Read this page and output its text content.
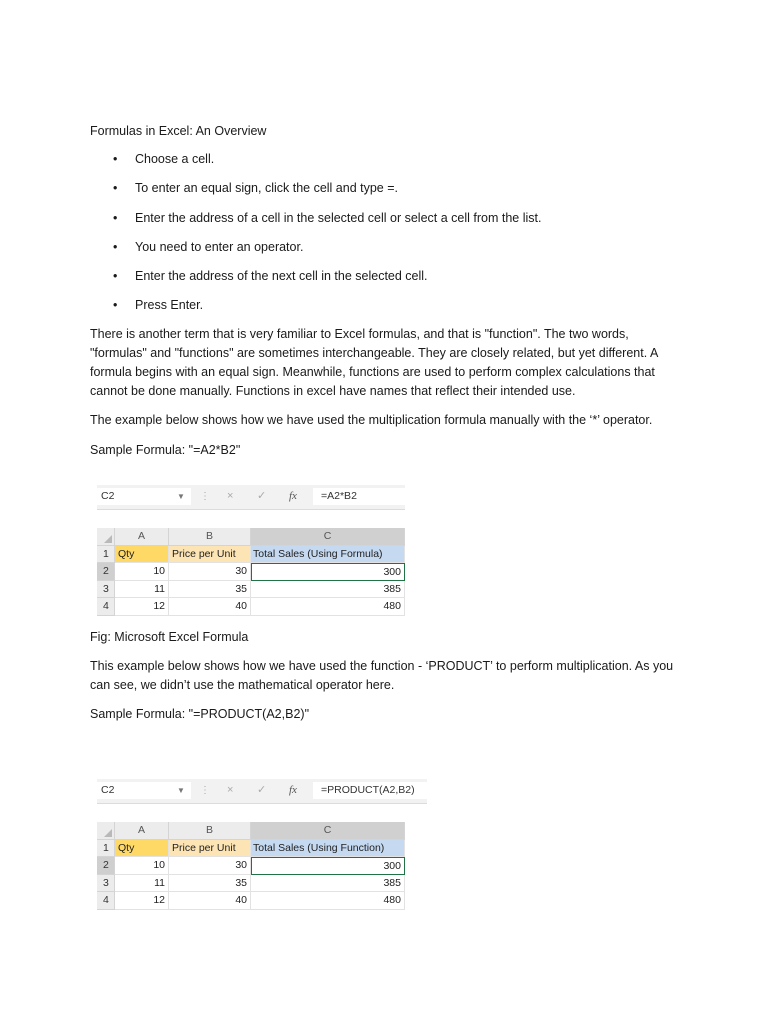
Formulas in Excel: An Overview

• Choose a cell.
• To enter an equal sign, click the cell and type =.
• Enter the address of a cell in the selected cell or select a cell from the list.
• You need to enter an operator.
• Enter the address of the next cell in the selected cell.
• Press Enter.

There is another term that is very familiar to Excel formulas, and that is "function". The two words, "formulas" and "functions" are sometimes interchangeable. They are closely related, but yet different. A formula begins with an equal sign. Meanwhile, functions are used to perform complex calculations that cannot be done manually. Functions in excel have names that reflect their intended use.

The example below shows how we have used the multiplication formula manually with the ‘*’ operator.

Sample Formula: "=A2*B2"

C2	▼ ⋮ × ✓ fx	=A2*B2
A	B	C
1 Qty	Price per Unit	Total Sales (Using Formula)
2	10	30	300
3	11	35	385
4	12	40	480

Fig: Microsoft Excel Formula

This example below shows how we have used the function - ‘PRODUCT’ to perform multiplication. As you can see, we didn’t use the mathematical operator here.

Sample Formula: "=PRODUCT(A2,B2)"

C2	▼ ⋮ × ✓ fx	=PRODUCT(A2,B2)
A	B	C
1 Qty	Price per Unit	Total Sales (Using Function)
2	10	30	300
3	11	35	385
4	12	40	480
